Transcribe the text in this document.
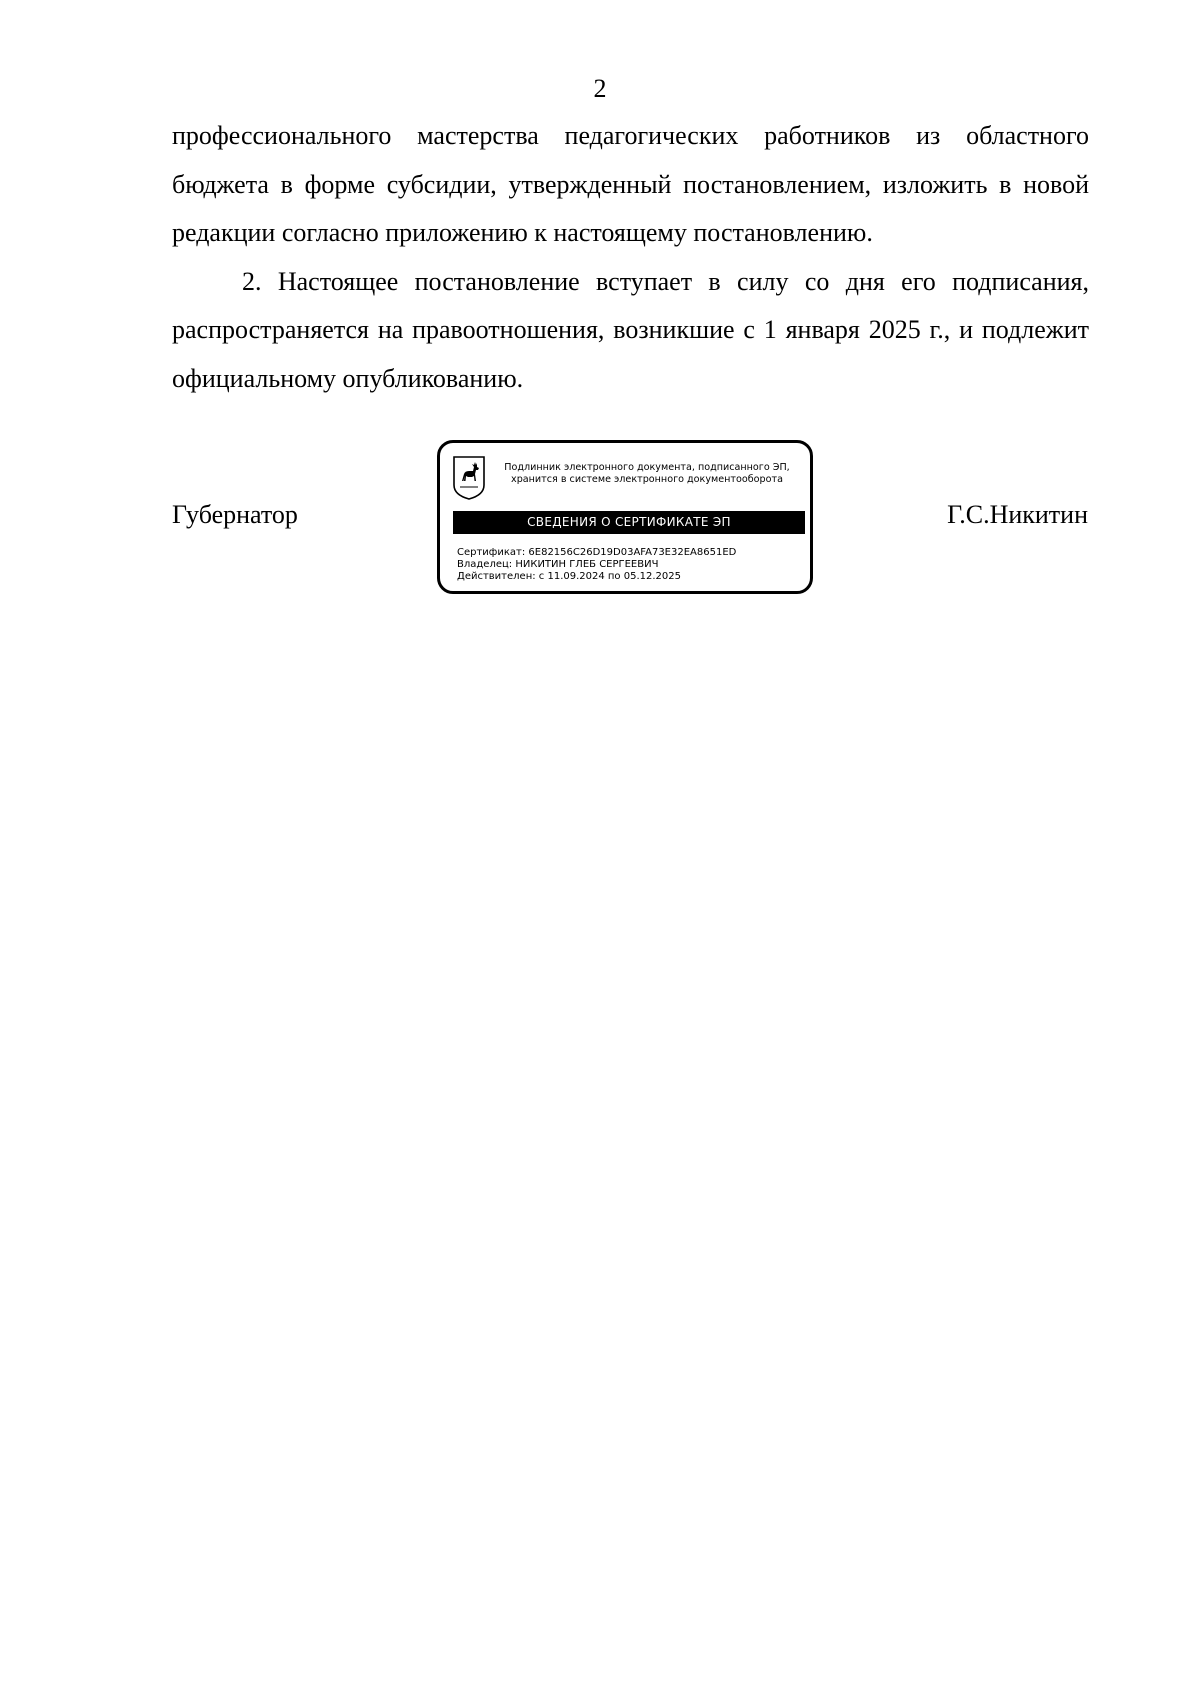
2

профессионального мастерства педагогических работников из областного бюджета в форме субсидии, утвержденный постановлением, изложить в новой редакции согласно приложению к настоящему постановлению.

2. Настоящее постановление вступает в силу со дня его подписания, распространяется на правоотношения, возникшие с 1 января 2025 г., и подлежит официальному опубликованию.

Губернатор
Подлинник электронного документа, подписанного ЭП,
хранится в системе электронного документооборота
СВЕДЕНИЯ О СЕРТИФИКАТЕ ЭП
Сертификат: 6E82156C26D19D03AFA73E32EA8651ED
Владелец: НИКИТИН ГЛЕБ СЕРГЕЕВИЧ
Действителен: с 11.09.2024 по 05.12.2025
Г.С.Никитин
